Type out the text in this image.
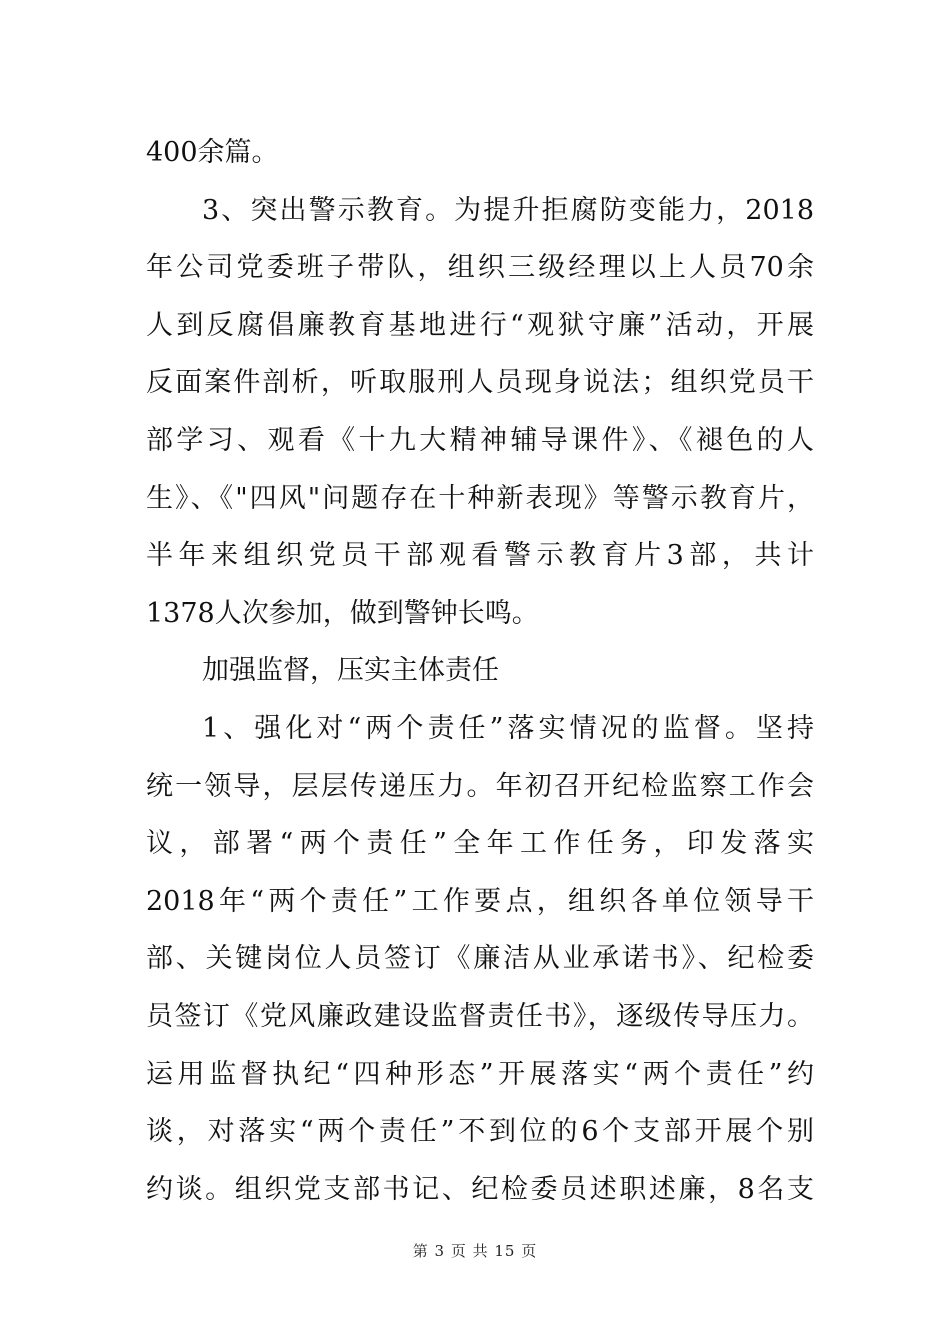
400余篇。
3、突出警示教育。为提升拒腐防变能力，2018
年公司党委班子带队，组织三级经理以上人员70余
人到反腐倡廉教育基地进行“观狱守廉”活动，开展
反面案件剖析，听取服刑人员现身说法；组织党员干
部学习、观看《十九大精神辅导课件》、《褪色的人
生》、《"四风"问题存在十种新表现》等警示教育片，
半年来组织党员干部观看警示教育片3部，共计
1378人次参加，做到警钟长鸣。
加强监督，压实主体责任
1、强化对“两个责任”落实情况的监督。坚持
统一领导，层层传递压力。年初召开纪检监察工作会
议，部署“两个责任”全年工作任务，印发落实
2018年“两个责任”工作要点，组织各单位领导干
部、关键岗位人员签订《廉洁从业承诺书》、纪检委
员签订《党风廉政建设监督责任书》，逐级传导压力。
运用监督执纪“四种形态”开展落实“两个责任”约
谈，对落实“两个责任”不到位的6个支部开展个别
约谈。组织党支部书记、纪检委员述职述廉，8名支
第 3 页 共 15 页
